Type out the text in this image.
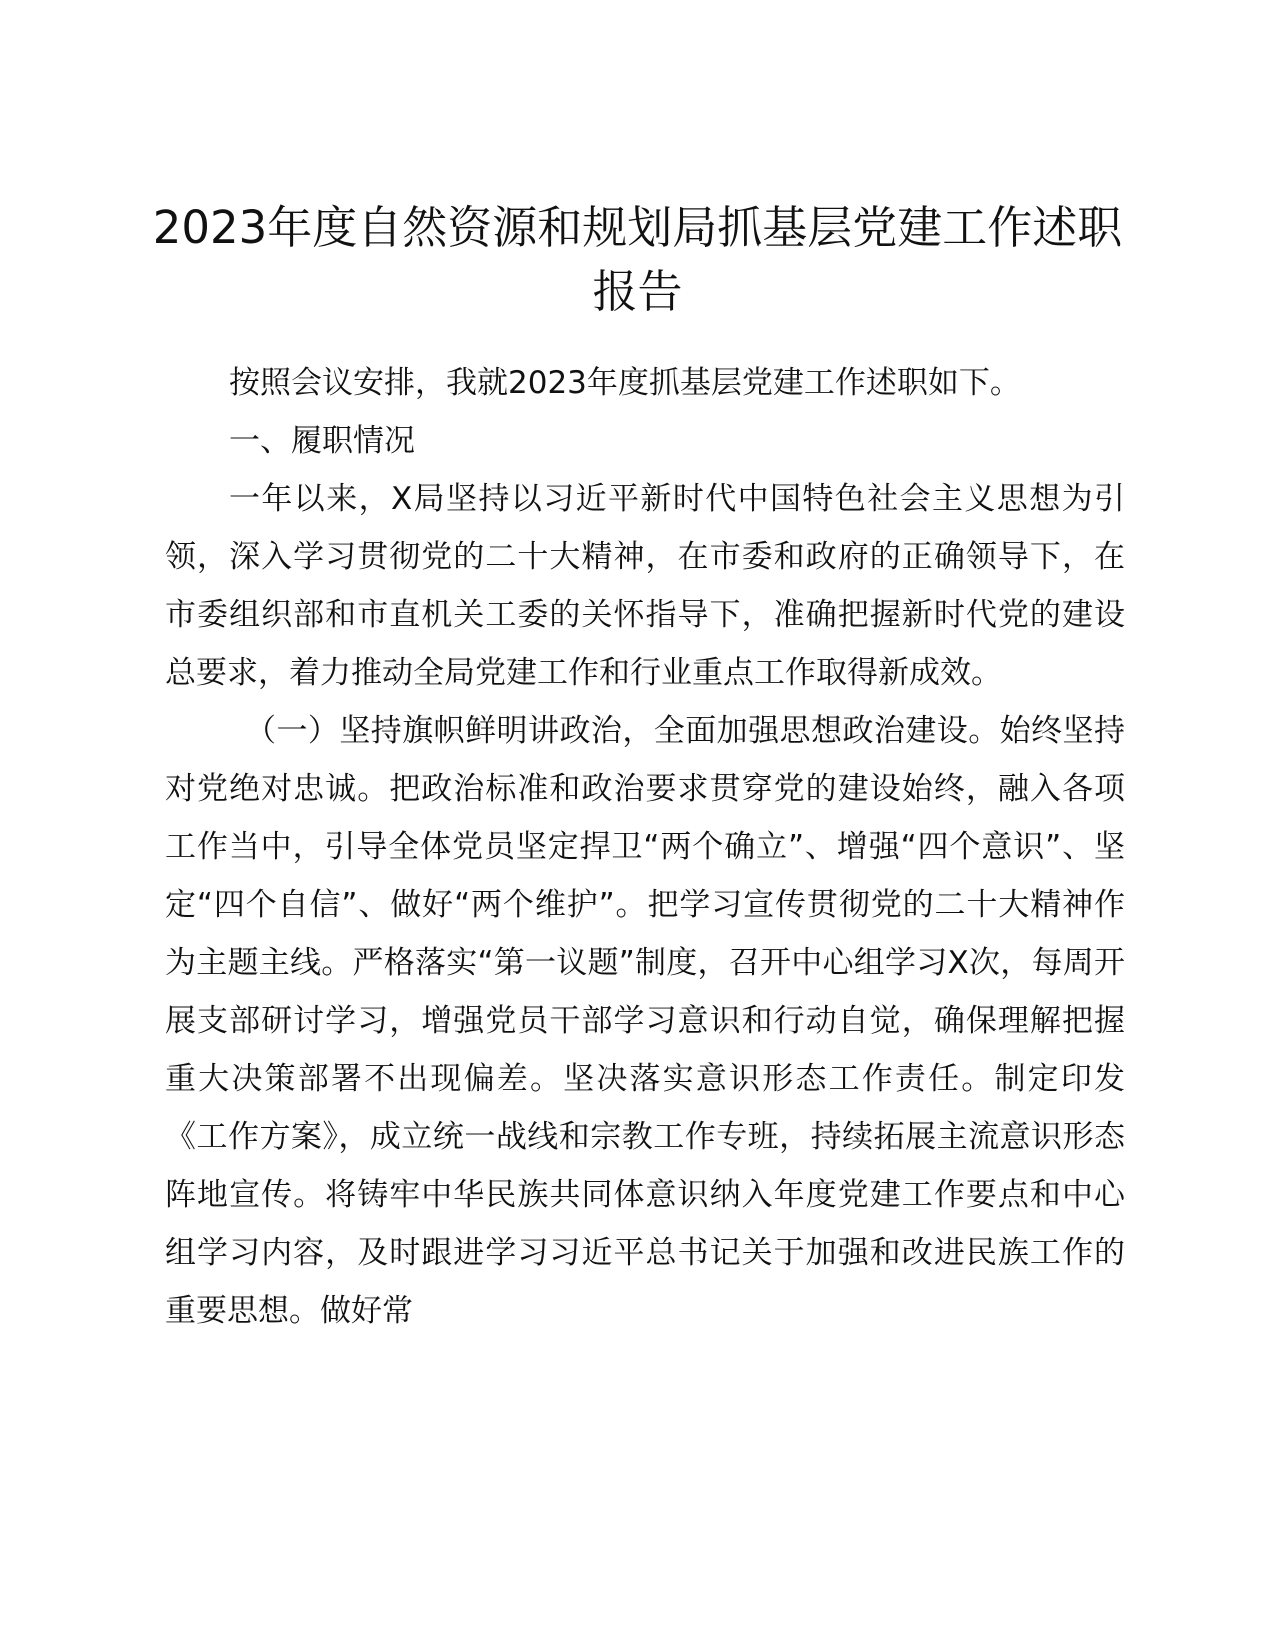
2023年度自然资源和规划局抓基层党建工作述职报告

按照会议安排，我就2023年度抓基层党建工作述职如下。

一、履职情况

一年以来，X局坚持以习近平新时代中国特色社会主义思想为引领，深入学习贯彻党的二十大精神，在市委和政府的正确领导下，在市委组织部和市直机关工委的关怀指导下，准确把握新时代党的建设总要求，着力推动全局党建工作和行业重点工作取得新成效。

（一）坚持旗帜鲜明讲政治，全面加强思想政治建设。始终坚持对党绝对忠诚。把政治标准和政治要求贯穿党的建设始终，融入各项工作当中，引导全体党员坚定捍卫“两个确立”、增强“四个意识”、坚定“四个自信”、做好“两个维护”。把学习宣传贯彻党的二十大精神作为主题主线。严格落实“第一议题”制度，召开中心组学习X次，每周开展支部研讨学习，增强党员干部学习意识和行动自觉，确保理解把握重大决策部署不出现偏差。坚决落实意识形态工作责任。制定印发《工作方案》，成立统一战线和宗教工作专班，持续拓展主流意识形态阵地宣传。将铸牢中华民族共同体意识纳入年度党建工作要点和中心组学习内容，及时跟进学习习近平总书记关于加强和改进民族工作的重要思想。做好常
